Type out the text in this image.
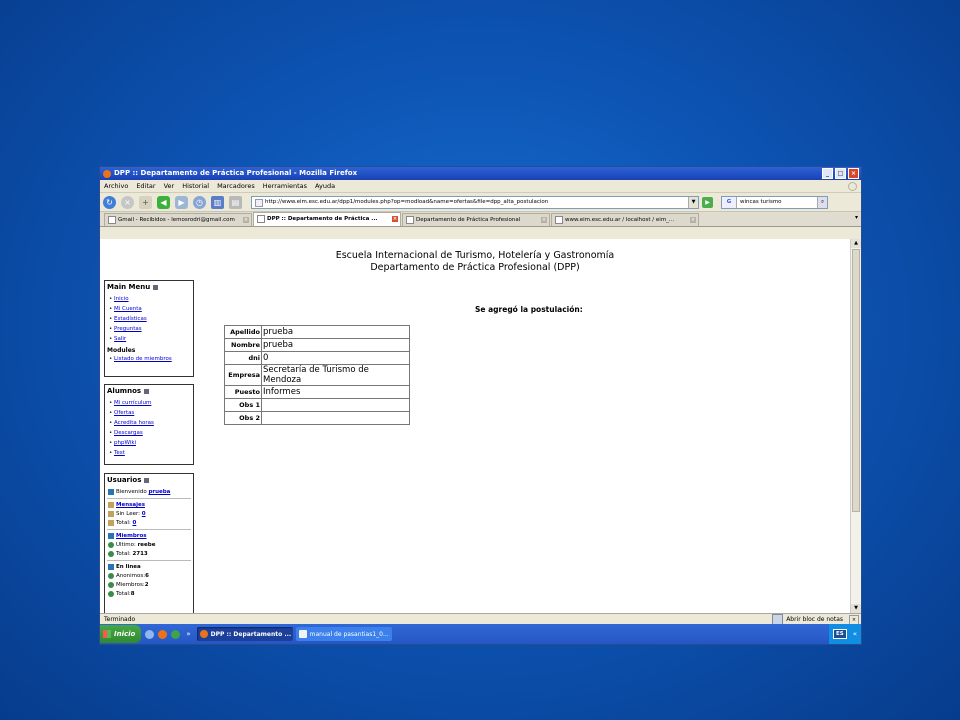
DPP :: Departamento de Práctica Profesional - Mozilla Firefox	_	□	×
Archivo Editar Ver Historial Marcadores Herramientas Ayuda
↻	×	+	◀	▶	◷	▥	▤	http://www.eim.esc.edu.ar/dpp1/modules.php?op=modload&name=ofertas&file=dpp_alta_postulacion	▼	▶	G	wincas turismo	⌕
Gmail - Recibidos - lemosrodri@gmail.com ×	DPP :: Departamento de Práctica ...	×	Departamento de Práctica Profesional	×	www.eim.esc.edu.ar / localhost / eim_...	×	▾
Escuela Internacional de Turismo, Hotelería y Gastronomía
Departamento de Práctica Profesional (DPP)
Main Menu
• Inicio
• Mi Cuenta
• Estadísticas
• Preguntas
• Salir
Modules
• Listado de miembros
Alumnos
• Mi currículum
• Ofertas
• Acredita horas
• Descargas
• phpWiki
• Test
Usuarios
Bienvenido
prueba
Mensajes
Sin Leer:
0
Total:
0
Miembros
Ultimo:
reebe
Total:
2713
En linea
Anonimos: 6
Miembros: 2
Total: 8
Se agregó la postulación:
Apellido	prueba
Nombre	prueba
dni	0
Empresa	Secretaría de Turismo de Mendoza
Puesto	Informes
Obs 1	
Obs 2	
▲
▼
Terminado	Abrir bloc de notas	×
Inicio	»	DPP :: Departamento ...	manual de pasantias1_0...	ES	«
